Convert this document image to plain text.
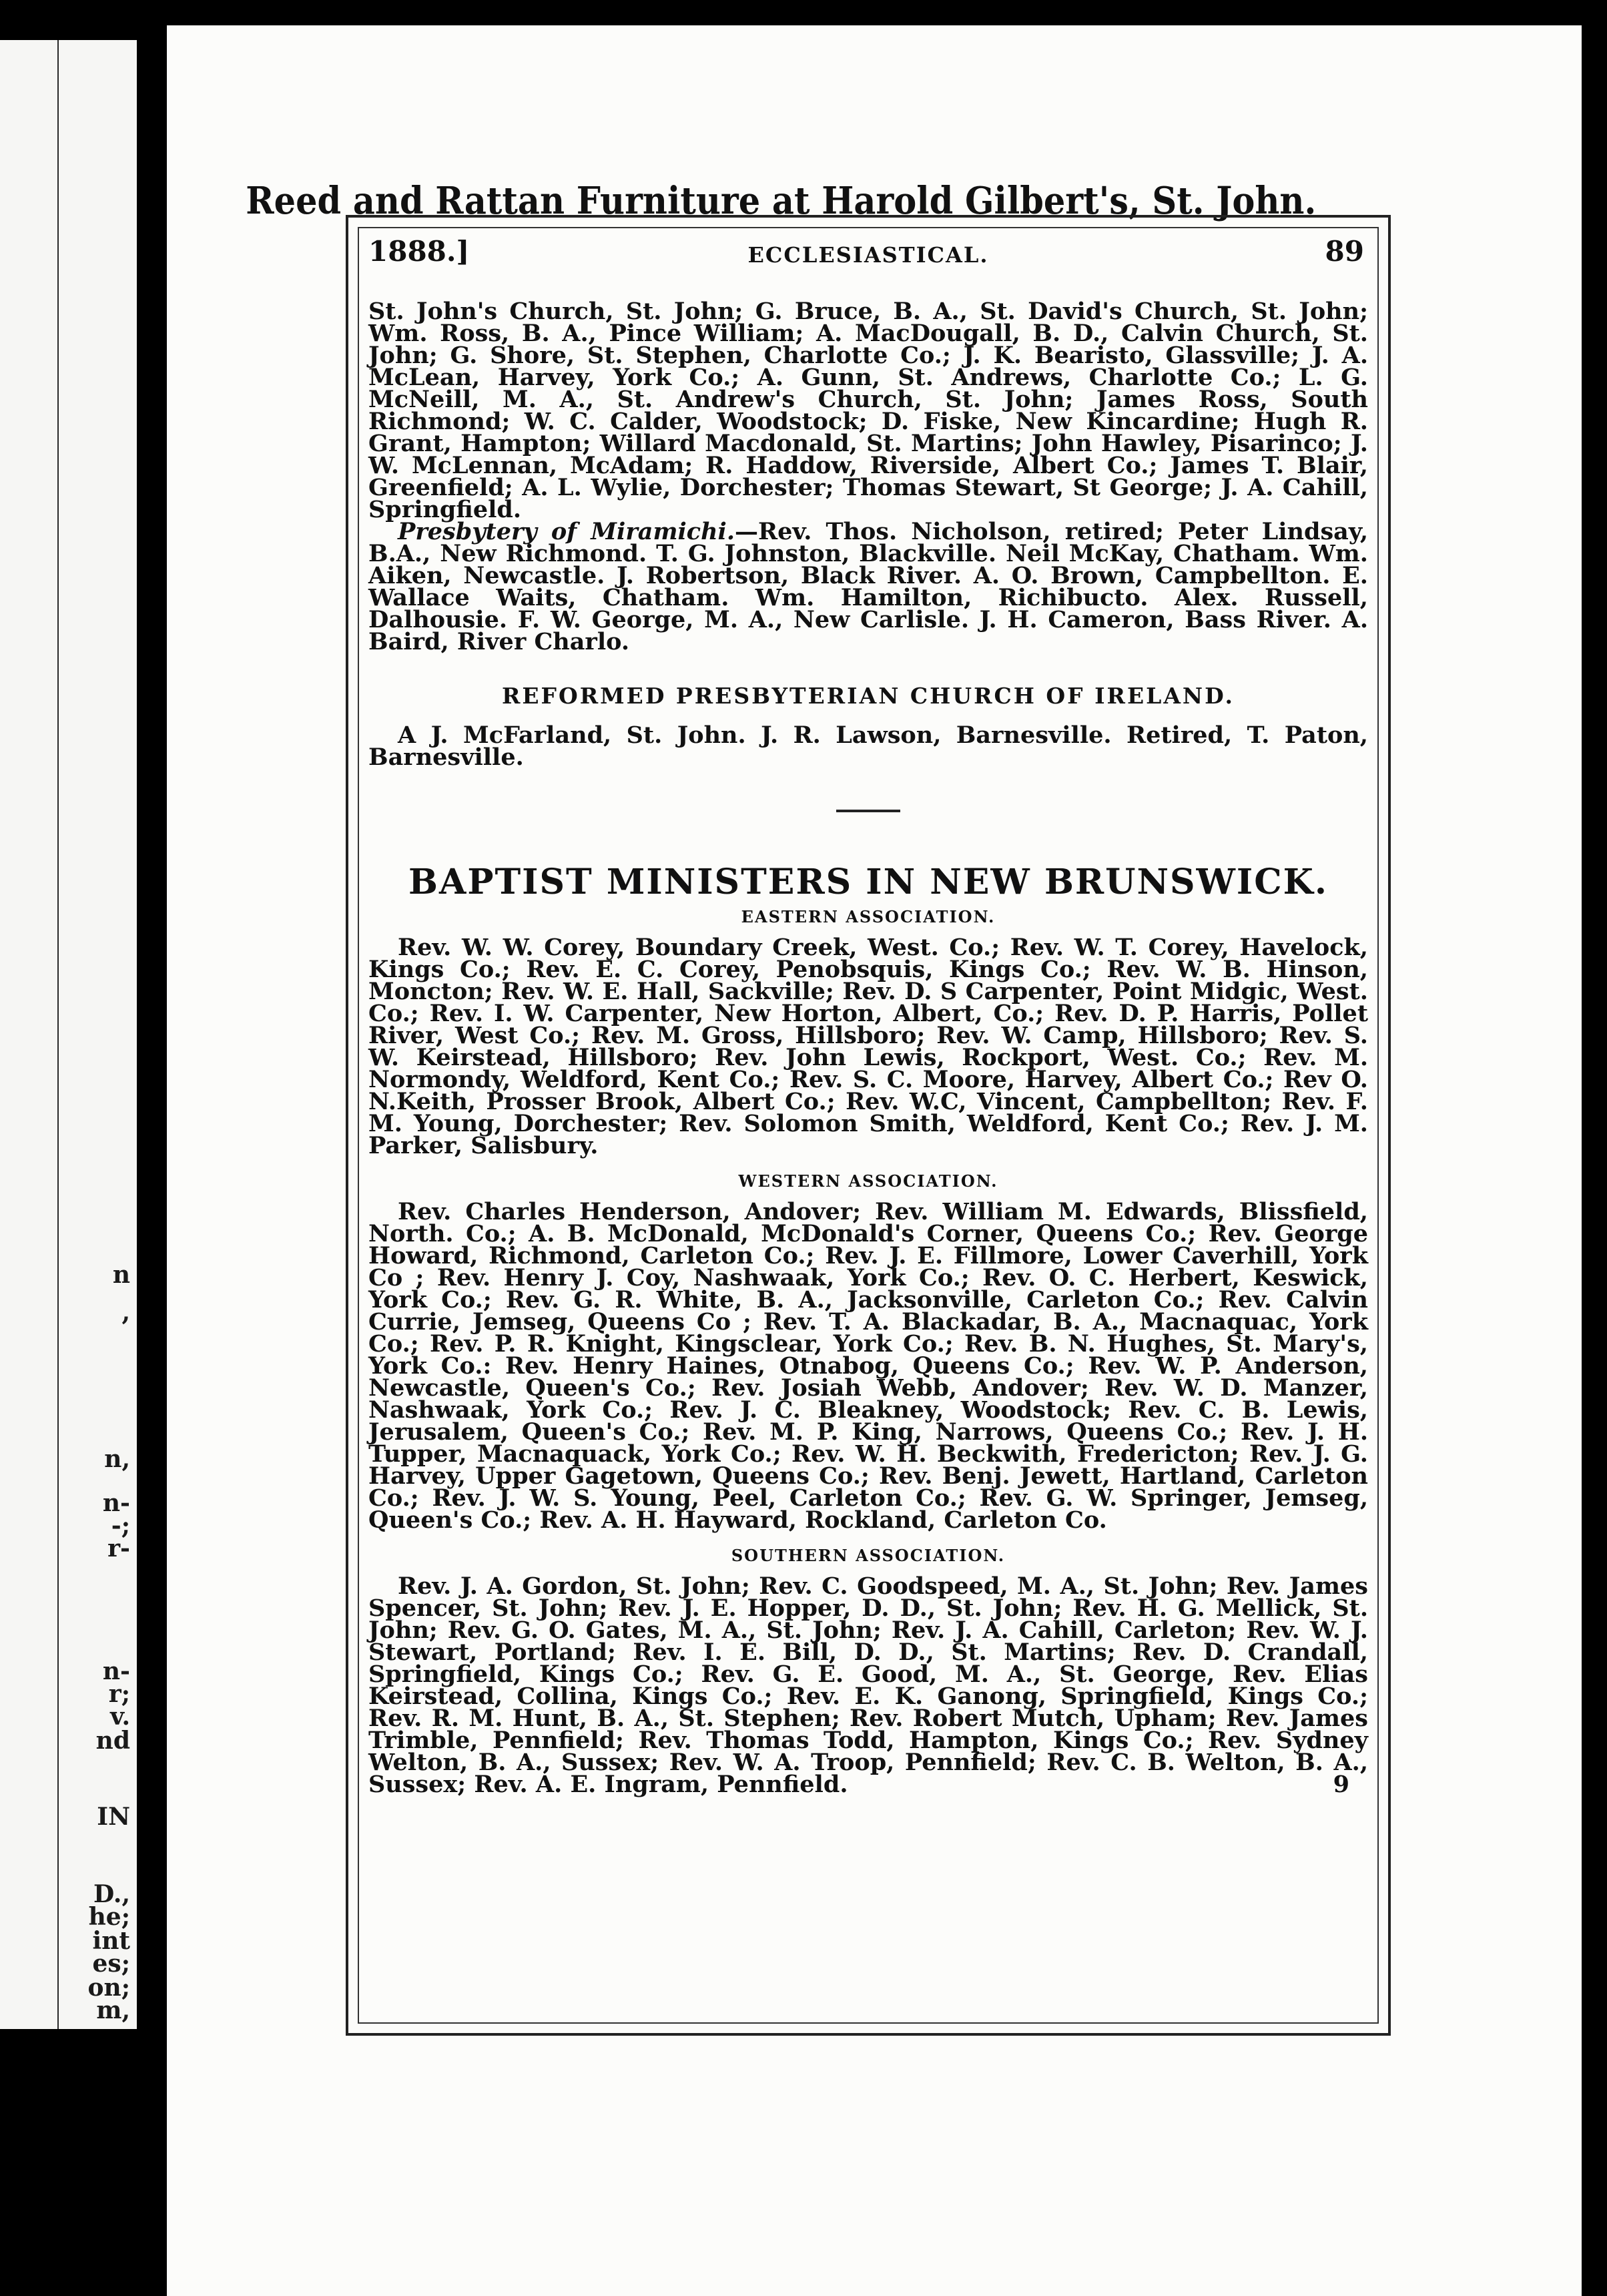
n
,
n,
n-
-;
r-
n-
r;
v.
nd
IN
D.,
he;
int
es;
on;
m,
Reed and Rattan Furniture at Harold Gilbert's, St. John.
1888.]	ECCLESIASTICAL.	89

St. John's Church, St. John; G. Bruce, B. A., St. David's Church, St. John; Wm. Ross, B. A., Pince William; A. MacDougall, B. D., Calvin Church, St. John; G. Shore, St. Stephen, Charlotte Co.; J. K. Bearisto, Glassville; J. A. McLean, Harvey, York Co.; A. Gunn, St. Andrews, Charlotte Co.; L. G. McNeill, M. A., St. Andrew's Church, St. John; James Ross, South Richmond; W. C. Calder, Woodstock; D. Fiske, New Kincardine; Hugh R. Grant, Hampton; Willard Macdonald, St. Martins; John Hawley, Pisarinco; J. W. McLennan, McAdam; R. Haddow, Riverside, Albert Co.; James T. Blair, Greenfield; A. L. Wylie, Dorchester; Thomas Stewart, St George; J. A. Cahill, Springfield.

Presbytery of Miramichi.—Rev. Thos. Nicholson, retired; Peter Lindsay, B.A., New Richmond. T. G. Johnston, Blackville. Neil McKay, Chatham. Wm. Aiken, Newcastle. J. Robertson, Black River. A. O. Brown, Campbellton. E. Wallace Waits, Chatham. Wm. Hamilton, Richibucto. Alex. Russell, Dalhousie. F. W. George, M. A., New Carlisle. J. H. Cameron, Bass River. A. Baird, River Charlo.

REFORMED PRESBYTERIAN CHURCH OF IRELAND.

A J. McFarland, St. John. J. R. Lawson, Barnesville. Retired, T. Paton, Barnesville.

BAPTIST MINISTERS IN NEW BRUNSWICK.
EASTERN ASSOCIATION.

Rev. W. W. Corey, Boundary Creek, West. Co.; Rev. W. T. Corey, Havelock, Kings Co.; Rev. E. C. Corey, Penobsquis, Kings Co.; Rev. W. B. Hinson, Moncton; Rev. W. E. Hall, Sackville; Rev. D. S Carpenter, Point Midgic, West. Co.; Rev. I. W. Carpenter, New Horton, Albert, Co.; Rev. D. P. Harris, Pollet River, West Co.; Rev. M. Gross, Hillsboro; Rev. W. Camp, Hillsboro; Rev. S. W. Keirstead, Hillsboro; Rev. John Lewis, Rockport, West. Co.; Rev. M. Normondy, Weldford, Kent Co.; Rev. S. C. Moore, Harvey, Albert Co.; Rev O. N.Keith, Prosser Brook, Albert Co.; Rev. W.C, Vincent, Campbellton; Rev. F. M. Young, Dorchester; Rev. Solomon Smith, Weldford, Kent Co.; Rev. J. M. Parker, Salisbury.

WESTERN ASSOCIATION.

Rev. Charles Henderson, Andover; Rev. William M. Edwards, Blissfield, North. Co.; A. B. McDonald, McDonald's Corner, Queens Co.; Rev. George Howard, Richmond, Carleton Co.; Rev. J. E. Fillmore, Lower Caverhill, York Co ; Rev. Henry J. Coy, Nashwaak, York Co.; Rev. O. C. Herbert, Keswick, York Co.; Rev. G. R. White, B. A., Jacksonville, Carleton Co.; Rev. Calvin Currie, Jemseg, Queens Co ; Rev. T. A. Blackadar, B. A., Macnaquac, York Co.; Rev. P. R. Knight, Kingsclear, York Co.; Rev. B. N. Hughes, St. Mary's, York Co.: Rev. Henry Haines, Otnabog, Queens Co.; Rev. W. P. Anderson, Newcastle, Queen's Co.; Rev. Josiah Webb, Andover; Rev. W. D. Manzer, Nashwaak, York Co.; Rev. J. C. Bleakney, Woodstock; Rev. C. B. Lewis, Jerusalem, Queen's Co.; Rev. M. P. King, Narrows, Queens Co.; Rev. J. H. Tupper, Macnaquack, York Co.; Rev. W. H. Beckwith, Fredericton; Rev. J. G. Harvey, Upper Gagetown, Queens Co.; Rev. Benj. Jewett, Hartland, Carleton Co.; Rev. J. W. S. Young, Peel, Carleton Co.; Rev. G. W. Springer, Jemseg, Queen's Co.; Rev. A. H. Hayward, Rockland, Carleton Co.

SOUTHERN ASSOCIATION.

Rev. J. A. Gordon, St. John; Rev. C. Goodspeed, M. A., St. John; Rev. James Spencer, St. John; Rev. J. E. Hopper, D. D., St. John; Rev. H. G. Mellick, St. John; Rev. G. O. Gates, M. A., St. John; Rev. J. A. Cahill, Carleton; Rev. W. J. Stewart, Portland; Rev. I. E. Bill, D. D., St. Martins; Rev. D. Crandall, Springfield, Kings Co.; Rev. G. E. Good, M. A., St. George, Rev. Elias Keirstead, Collina, Kings Co.; Rev. E. K. Ganong, Springfield, Kings Co.; Rev. R. M. Hunt, B. A., St. Stephen; Rev. Robert Mutch, Upham; Rev. James Trimble, Pennfield; Rev. Thomas Todd, Hampton, Kings Co.; Rev. Sydney Welton, B. A., Sussex; Rev. W. A. Troop, Pennfield; Rev. C. B. Welton, B. A., Sussex; Rev. A. E. Ingram, Pennfield.	9
